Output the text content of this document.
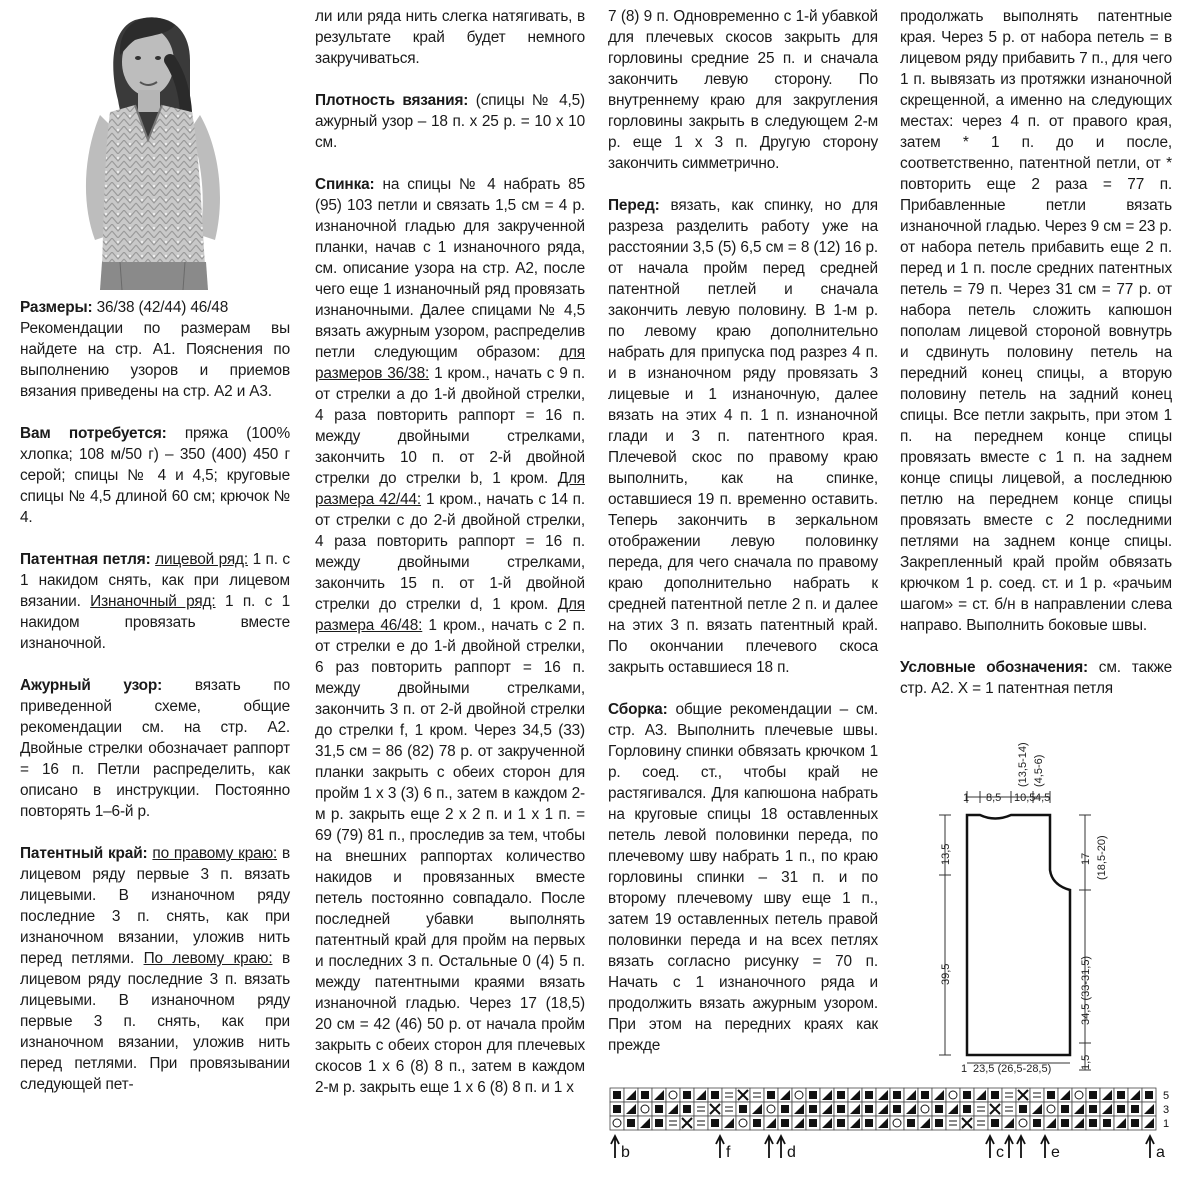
Размеры: 36/38 (42/44) 46/48
Рекомендации по размерам вы найдете на стр. А1. Пояснения по выполнению узоров и приемов вязания приведены на стр. А2 и А3.

Вам потребуется: пряжа (100% хлопка; 108 м/50 г) – 350 (400) 450 г серой; спицы № 4 и 4,5; круговые спицы № 4,5 длиной 60 см; крючок № 4.

Патентная петля: лицевой ряд: 1 п. с 1 накидом снять, как при лицевом вязании. Изнаночный ряд: 1 п. с 1 накидом провязать вместе изнаночной.

Ажурный узор: вязать по приведенной схеме, общие рекомендации см. на стр. А2. Двойные стрелки обозначает раппорт = 16 п. Петли распределить, как описано в инструкции. Постоянно повторять 1–6-й р.

Патентный край: по правому краю: в лицевом ряду первые 3 п. вязать лицевыми. В изнаночном ряду последние 3 п. снять, как при изнаночном вязании, уложив нить перед петлями. По левому краю: в лицевом ряду последние 3 п. вязать лицевыми. В изнаночном ряду первые 3 п. снять, как при изнаночном вязании, уложив нить перед петлями. При провязывании следующей пет-

ли или ряда нить слегка натягивать, в результате край будет немного закручиваться.

Плотность вязания: (спицы № 4,5) ажурный узор – 18 п. х 25 р. = 10 х 10 см.

Спинка: на спицы № 4 набрать 85 (95) 103 петли и связать 1,5 см = 4 р. изнаночной гладью для закрученной планки, начав с 1 изнаночного ряда, см. описание узора на стр. А2, после чего еще 1 изнаночный ряд провязать изнаночными. Далее спицами № 4,5 вязать ажурным узором, распределив петли следующим образом: для размеров 36/38: 1 кром., начать с 9 п. от стрелки а до 1-й двойной стрелки, 4 раза повторить раппорт = 16 п. между двойными стрелками, закончить 10 п. от 2-й двойной стрелки до стрелки b, 1 кром. Для размера 42/44: 1 кром., начать с 14 п. от стрелки с до 2-й двойной стрелки, 4 раза повторить раппорт = 16 п. между двойными стрелками, закончить 15 п. от 1-й двойной стрелки до стрелки d, 1 кром. Для размера 46/48: 1 кром., начать с 2 п. от стрелки е до 1-й двойной стрелки, 6 раз повторить раппорт = 16 п. между двойными стрелками, закончить 3 п. от 2-й двойной стрелки до стрелки f, 1 кром. Через 34,5 (33) 31,5 см = 86 (82) 78 р. от закрученной планки закрыть с обеих сторон для пройм 1 х 3 (3) 6 п., затем в каждом 2-м р. закрыть еще 2 х 2 п. и 1 х 1 п. = 69 (79) 81 п., проследив за тем, чтобы на внешних раппортах количество накидов и провязанных вместе петель постоянно совпадало. После последней убавки выполнять патентный край для пройм на первых и последних 3 п. Остальные 0 (4) 5 п. между патентными краями вязать изнаночной гладью. Через 17 (18,5) 20 см = 42 (46) 50 р. от начала пройм закрыть с обеих сторон для плечевых скосов 1 х 6 (8) 8 п., затем в каждом 2-м р. закрыть еще 1 х 6 (8) 8 п. и 1 х

7 (8) 9 п. Одновременно с 1-й убавкой для плечевых скосов закрыть для горловины средние 25 п. и сначала закончить левую сторону. По внутреннему краю для закругления горловины закрыть в следующем 2-м р. еще 1 х 3 п. Другую сторону закончить симметрично.

Перед: вязать, как спинку, но для разреза разделить работу уже на расстоянии 3,5 (5) 6,5 см = 8 (12) 16 р. от начала пройм перед средней патентной петлей и сначала закончить левую половину. В 1-м р. по левому краю дополнительно набрать для припуска под разрез 4 п. и в изнаночном ряду провязать 3 лицевые и 1 изнаночную, далее вязать на этих 4 п. 1 п. изнаночной глади и 3 п. патентного края. Плечевой скос по правому краю выполнить, как на спинке, оставшиеся 19 п. временно оставить. Теперь закончить в зеркальном отображении левую половинку переда, для чего сначала по правому краю дополнительно набрать к средней патентной петле 2 п. и далее на этих 3 п. вязать патентный край. По окончании плечевого скоса закрыть оставшиеся 18 п.

Сборка: общие рекомендации – см. стр. А3. Выполнить плечевые швы. Горловину спинки обвязать крючком 1 р. соед. ст., чтобы край не растягивался. Для капюшона набрать на круговые спицы 18 оставленных петель левой половинки переда, по плечевому шву набрать 1 п., по краю горловины спинки – 31 п. и по второму плечевому шву еще 1 п., затем 19 оставленных петель правой половинки переда и на всех петлях вязать согласно рисунку = 70 п. Начать с 1 изнаночного ряда и продолжить вязать ажурным узором. При этом на передних краях как прежде

продолжать выполнять патентные края. Через 5 р. от набора петель = в лицевом ряду прибавить 7 п., для чего 1 п. вывязать из протяжки изнаночной скрещенной, а именно на следующих местах: через 4 п. от правого края, затем * 1 п. до и после, соответственно, патентной петли, от * повторить еще 2 раза = 77 п. Прибавленные петли вязать изнаночной гладью. Через 9 см = 23 р. от набора петель прибавить еще 2 п. перед и 1 п. после средних патентных петель = 79 п. Через 31 см = 77 р. от набора петель сложить капюшон пополам лицевой стороной вовнутрь и сдвинуть половину петель на передний конец спицы, а вторую половину петель на задний конец спицы. Все петли закрыть, при этом 1 п. на переднем конце спицы провязать вместе с 1 п. на заднем конце спицы лицевой, а последнюю петлю на переднем конце спицы провязать вместе с 2 последними петлями на заднем конце спицы. Закрепленный край пройм обвязать крючком 1 р. соед. ст. и 1 р. «рачьим шагом» = ст. б/н в направлении слева направо. Выполнить боковые швы.

Условные обозначения: см. также стр. А2. Х = 1 патентная петля

1 8,5 10,5 4,5
(13,5-14) (4,5-6)
13,5
39,5
17 (18,5-20)
34,5 (33-31,5)
1,5
1 23,5 (26,5-28,5)
5
3
1
b	f	d	c	e	a
